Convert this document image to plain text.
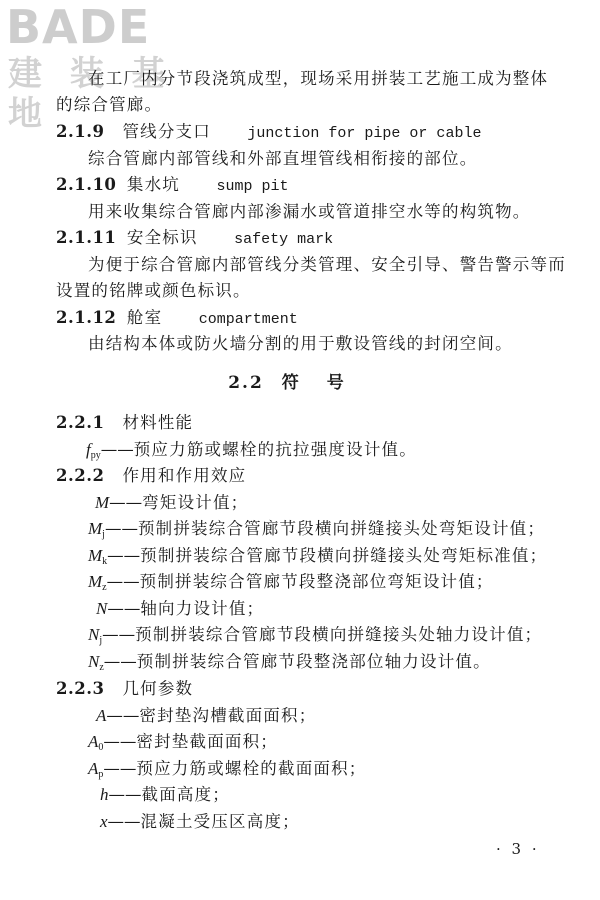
BADE
建 装 基 地
在工厂内分节段浇筑成型，现场采用拼装工艺施工成为整体
的综合管廊。
2.1.9 管线分支口 junction for pipe or cable
综合管廊内部管线和外部直埋管线相衔接的部位。
2.1.10 集水坑 sump pit
用来收集综合管廊内部渗漏水或管道排空水等的构筑物。
2.1.11 安全标识 safety mark
为便于综合管廊内部管线分类管理、安全引导、警告警示等而
设置的铭牌或颜色标识。
2.1.12 舱室 compartment
由结构本体或防火墙分割的用于敷设管线的封闭空间。
2.2 符号
2.2.1 材料性能
$f_{py}——$预应力筋或螺栓的抗拉强度设计值。
2.2.2 作用和作用效应
M——弯矩设计值；
$M_j——$预制拼装综合管廊节段横向拼缝接头处弯矩设计值；
$M_k——$预制拼装综合管廊节段横向拼缝接头处弯矩标准值；
$M_z——$预制拼装综合管廊节段整浇部位弯矩设计值；
N——轴向力设计值；
$N_j——$预制拼装综合管廊节段横向拼缝接头处轴力设计值；
$N_z——$预制拼装综合管廊节段整浇部位轴力设计值。
2.2.3 几何参数
A——密封垫沟槽截面面积；
$A_0——$密封垫截面面积；
$A_p——$预应力筋或螺栓的截面面积；
h——截面高度；
x——混凝土受压区高度；
· 3 ·
